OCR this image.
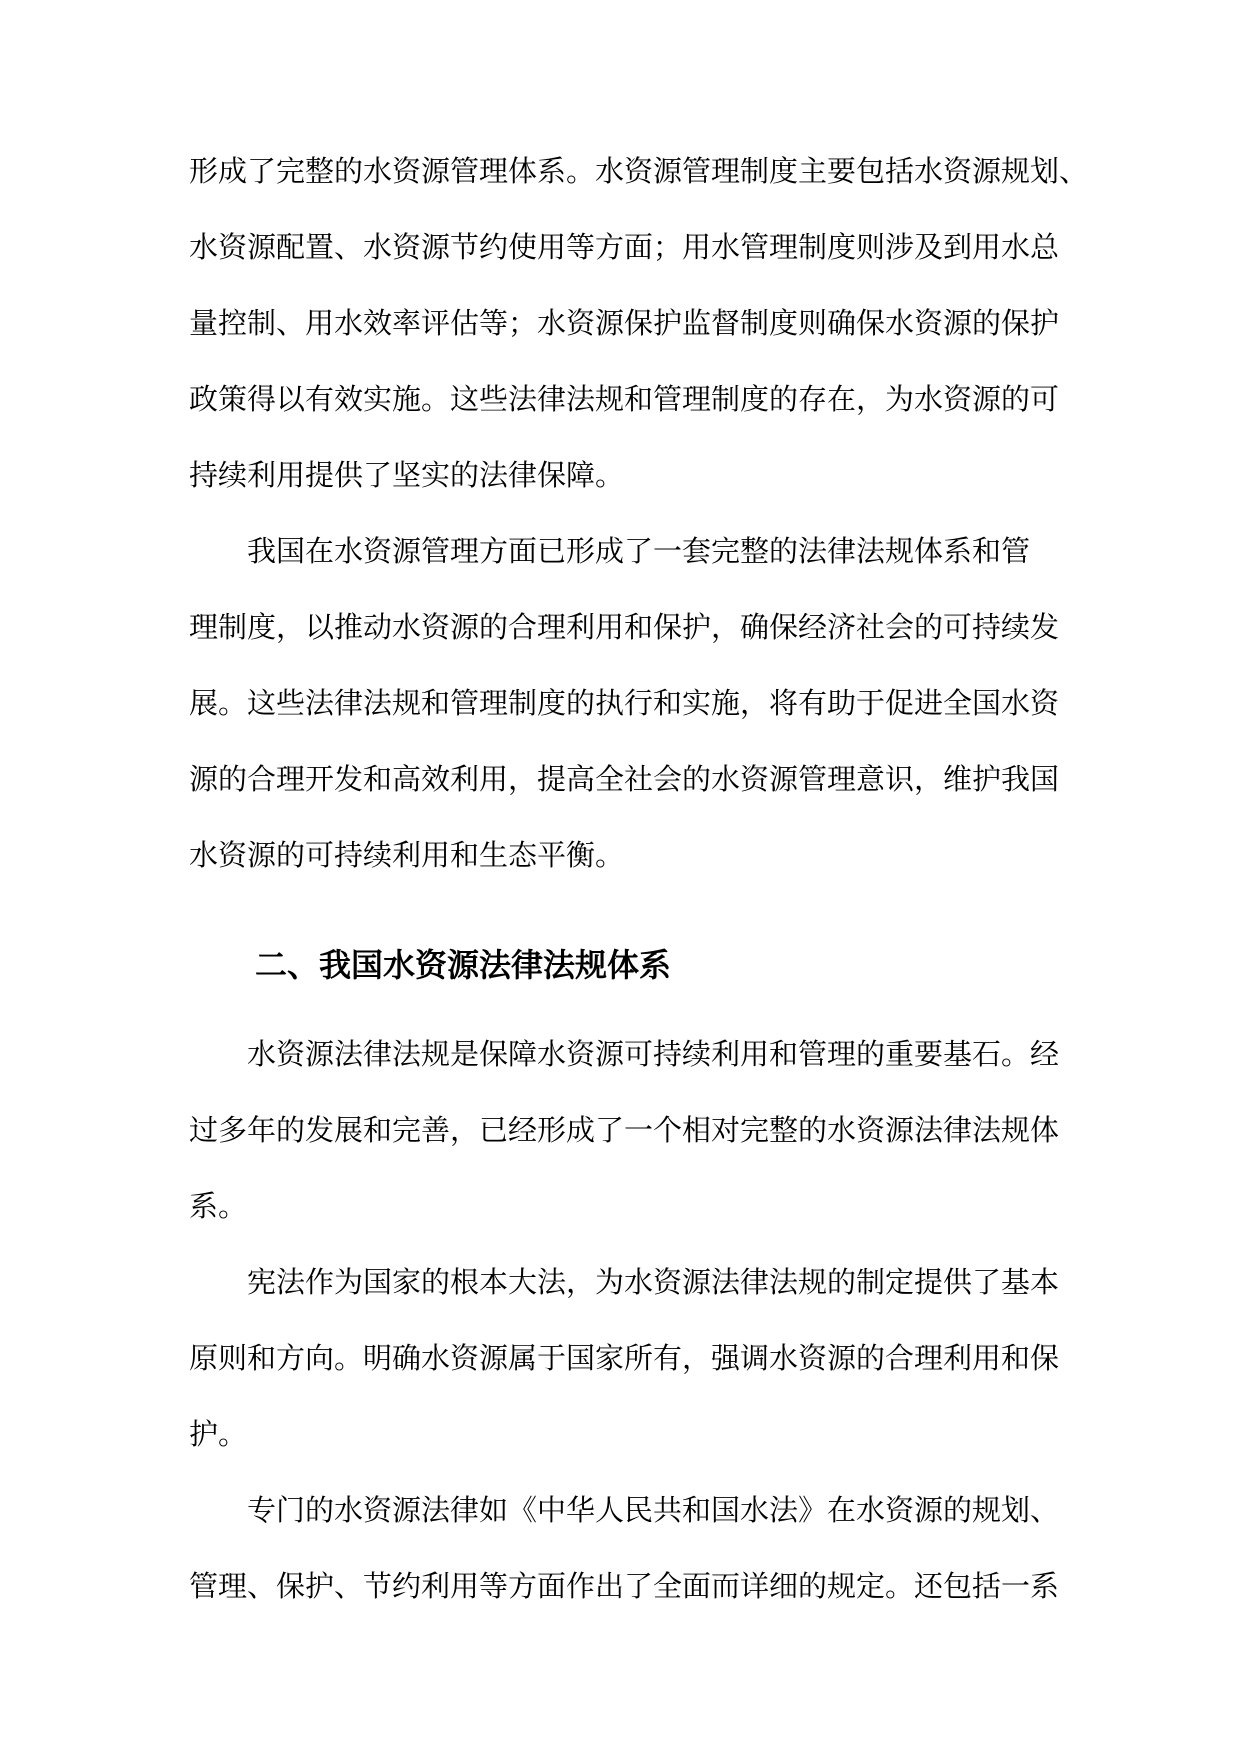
形成了完整的水资源管理体系。水资源管理制度主要包括水资源规划、
水资源配置、水资源节约使用等方面；用水管理制度则涉及到用水总
量控制、用水效率评估等；水资源保护监督制度则确保水资源的保护
政策得以有效实施。这些法律法规和管理制度的存在，为水资源的可
持续利用提供了坚实的法律保障。
我国在水资源管理方面已形成了一套完整的法律法规体系和管
理制度，以推动水资源的合理利用和保护，确保经济社会的可持续发
展。这些法律法规和管理制度的执行和实施，将有助于促进全国水资
源的合理开发和高效利用，提高全社会的水资源管理意识，维护我国
水资源的可持续利用和生态平衡。
二、我国水资源法律法规体系
水资源法律法规是保障水资源可持续利用和管理的重要基石。经
过多年的发展和完善，已经形成了一个相对完整的水资源法律法规体
系。
宪法作为国家的根本大法，为水资源法律法规的制定提供了基本
原则和方向。明确水资源属于国家所有，强调水资源的合理利用和保
护。
专门的水资源法律如《中华人民共和国水法》在水资源的规划、
管理、保护、节约利用等方面作出了全面而详细的规定。还包括一系
